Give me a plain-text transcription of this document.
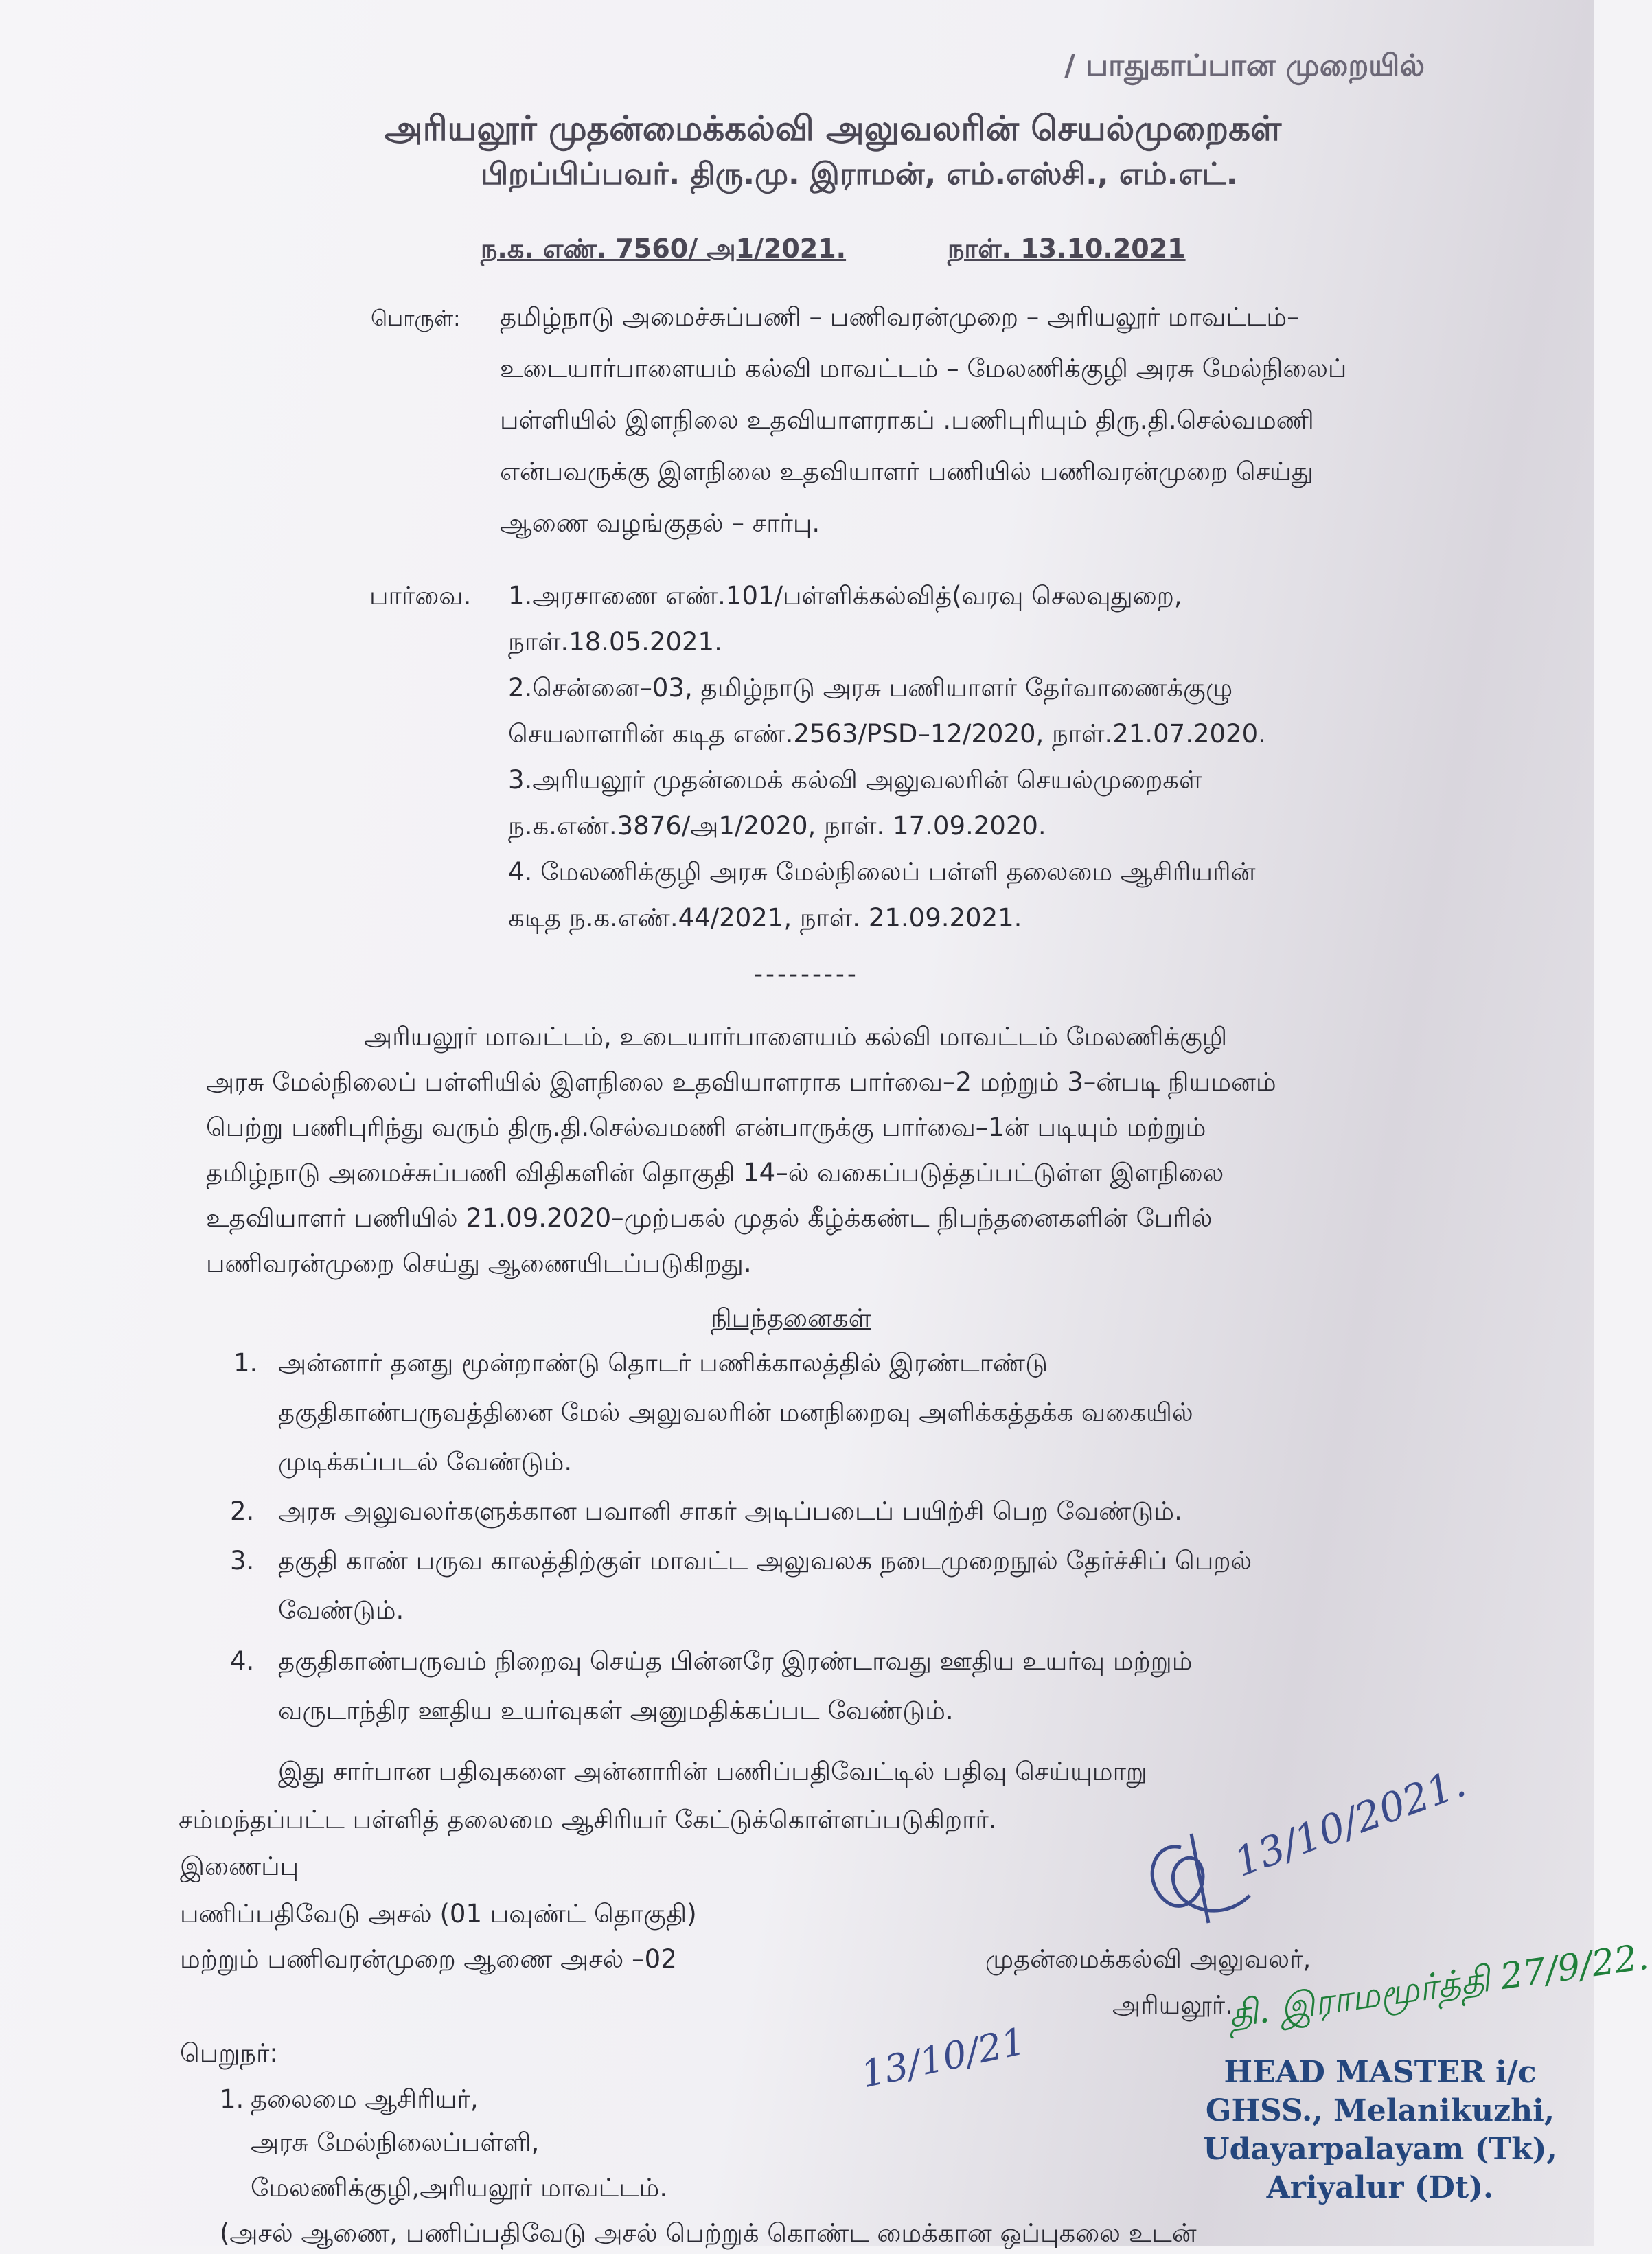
/ பாதுகாப்பான முறையில்
அரியலூர் முதன்மைக்கல்வி அலுவலரின் செயல்முறைகள்
பிறப்பிப்பவர். திரு.மு. இராமன், எம்.எஸ்சி., எம்.எட்.
ந.க. எண். 7560/ அ1/2021.	நாள். 13.10.2021
பொருள்: தமிழ்நாடு அமைச்சுப்பணி – பணிவரன்முறை – அரியலூர் மாவட்டம்–
உடையார்பாளையம் கல்வி மாவட்டம் – மேலணிக்குழி அரசு மேல்நிலைப்
பள்ளியில் இளநிலை உதவியாளராகப் .பணிபுரியும் திரு.தி.செல்வமணி
என்பவருக்கு இளநிலை உதவியாளர் பணியில் பணிவரன்முறை செய்து
ஆணை வழங்குதல் – சார்பு.
பார்வை. 1.அரசாணை எண்.101/பள்ளிக்கல்வித்(வரவு செலவுதுறை,
நாள்.18.05.2021.
2.சென்னை–03, தமிழ்நாடு அரசு பணியாளர் தேர்வாணைக்குழு
செயலாளரின் கடித எண்.2563/PSD–12/2020, நாள்.21.07.2020.
3.அரியலூர் முதன்மைக் கல்வி அலுவலரின் செயல்முறைகள்
ந.க.எண்.3876/அ1/2020, நாள். 17.09.2020.
4. மேலணிக்குழி அரசு மேல்நிலைப் பள்ளி தலைமை ஆசிரியரின்
கடித ந.க.எண்.44/2021, நாள். 21.09.2021.
---------
அரியலூர் மாவட்டம், உடையார்பாளையம் கல்வி மாவட்டம் மேலணிக்குழி
அரசு மேல்நிலைப் பள்ளியில் இளநிலை உதவியாளராக பார்வை–2 மற்றும் 3–ன்படி நியமனம்
பெற்று பணிபுரிந்து வரும் திரு.தி.செல்வமணி என்பாருக்கு பார்வை–1ன் படியும் மற்றும்
தமிழ்நாடு அமைச்சுப்பணி விதிகளின் தொகுதி 14–ல் வகைப்படுத்தப்பட்டுள்ள இளநிலை
உதவியாளர் பணியில் 21.09.2020–முற்பகல் முதல் கீழ்க்கண்ட நிபந்தனைகளின் பேரில்
பணிவரன்முறை செய்து ஆணையிடப்படுகிறது.
நிபந்தனைகள்
1. அன்னார் தனது மூன்றாண்டு தொடர் பணிக்காலத்தில் இரண்டாண்டு
தகுதிகாண்பருவத்தினை மேல் அலுவலரின் மனநிறைவு அளிக்கத்தக்க வகையில்
முடிக்கப்படல் வேண்டும்.
2. அரசு அலுவலர்களுக்கான பவானி சாகர் அடிப்படைப் பயிற்சி பெற வேண்டும்.
3. தகுதி காண் பருவ காலத்திற்குள் மாவட்ட அலுவலக நடைமுறைநூல் தேர்ச்சிப் பெறல்
வேண்டும்.
4. தகுதிகாண்பருவம் நிறைவு செய்த பின்னரே இரண்டாவது ஊதிய உயர்வு மற்றும்
வருடாந்திர ஊதிய உயர்வுகள் அனுமதிக்கப்பட வேண்டும்.
இது சார்பான பதிவுகளை அன்னாரின் பணிப்பதிவேட்டில் பதிவு செய்யுமாறு
சம்மந்தப்பட்ட பள்ளித் தலைமை ஆசிரியர் கேட்டுக்கொள்ளப்படுகிறார்.
இணைப்பு
பணிப்பதிவேடு அசல் (01 பவுண்ட் தொகுதி)
மற்றும் பணிவரன்முறை ஆணை அசல் –02
13/10/2021.
முதன்மைக்கல்வி அலுவலர்,
அரியலூர்.
பெறுநர்:
1. தலைமை ஆசிரியர்,
அரசு மேல்நிலைப்பள்ளி,
மேலணிக்குழி,அரியலூர் மாவட்டம்.
(அசல் ஆணை, பணிப்பதிவேடு அசல் பெற்றுக் கொண்ட மைக்கான ஒப்புகலை உடன்
13/10/21
தி. இராமமூர்த்தி 27/9/22.
HEAD MASTER i/c
GHSS., Melanikuzhi,
Udayarpalayam (Tk),
Ariyalur (Dt).
